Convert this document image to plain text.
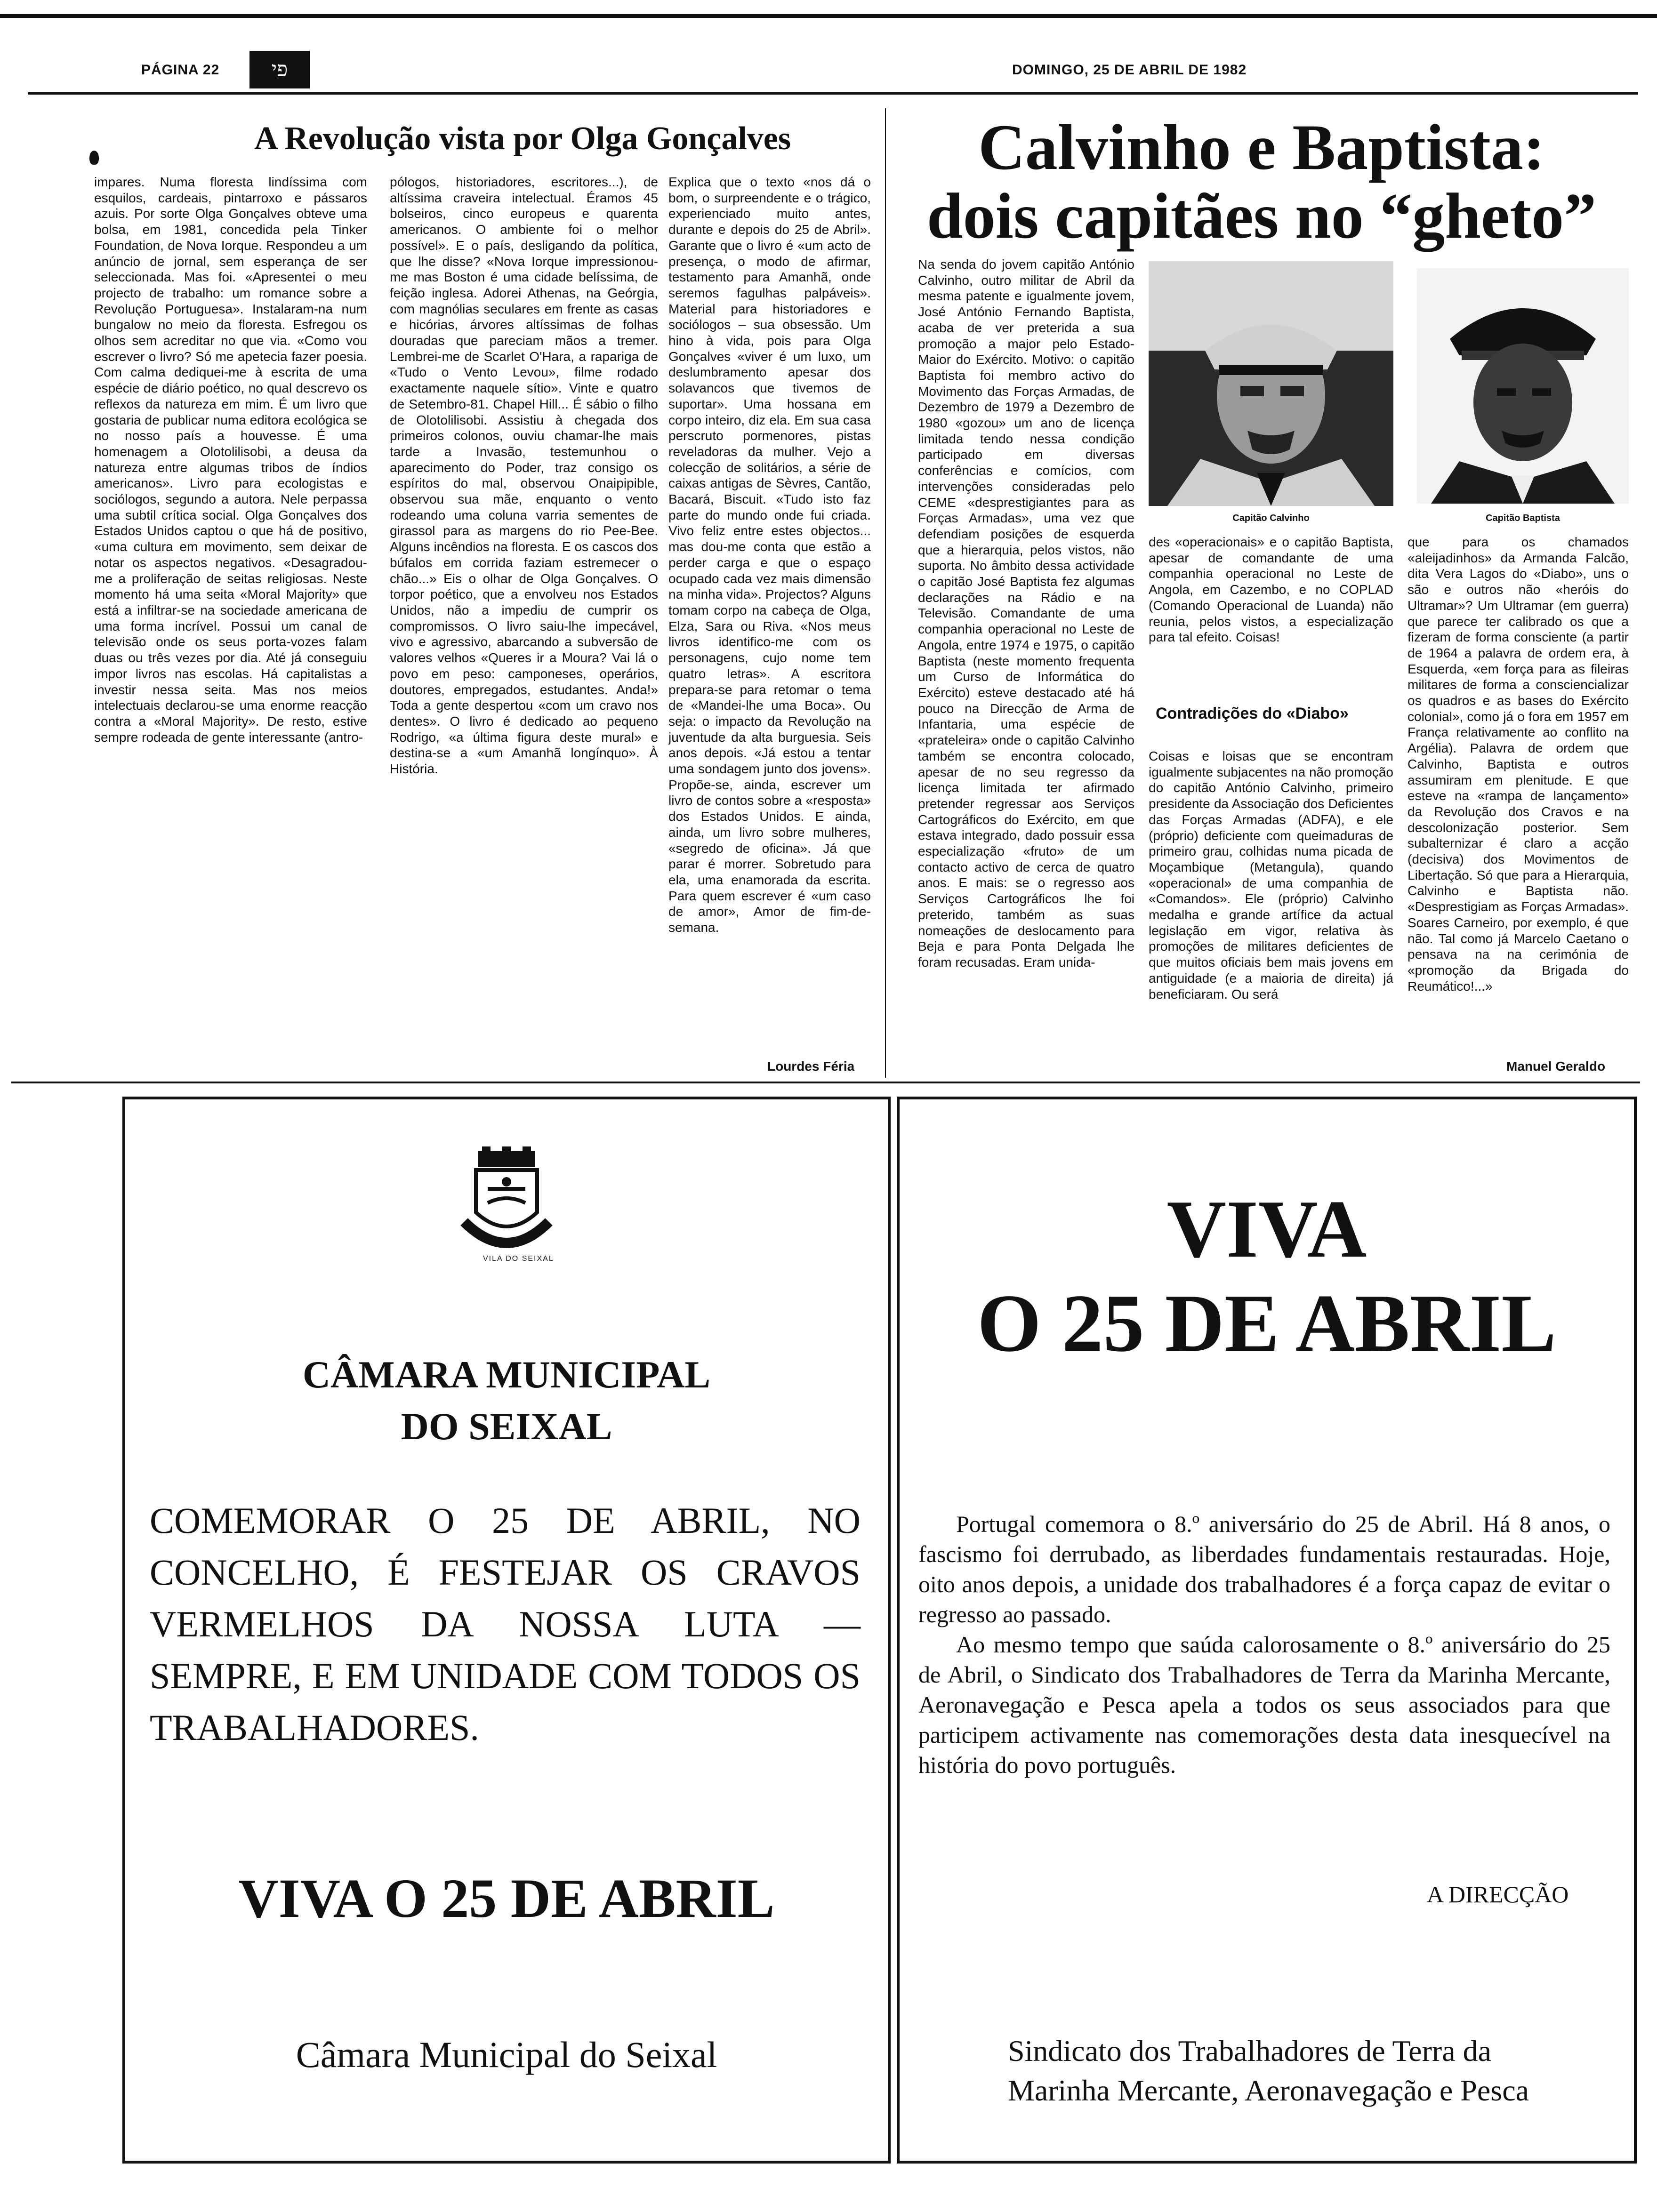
PÁGINA 22	פי	DOMINGO, 25 DE ABRIL DE 1982
A Revolução vista por Olga Gonçalves

impares. Numa floresta lindíssima com esquilos, cardeais, pintarroxo e pássaros azuis. Por sorte Olga Gonçalves obteve uma bolsa, em 1981, concedida pela Tinker Foundation, de Nova Iorque. Respondeu a um anúncio de jornal, sem esperança de ser seleccionada. Mas foi. «Apresentei o meu projecto de trabalho: um romance sobre a Revolução Portuguesa». Instalaram-na num bungalow no meio da floresta. Esfregou os olhos sem acreditar no que via. «Como vou escrever o livro? Só me apetecia fazer poesia. Com calma dediquei-me à escrita de uma espécie de diário poético, no qual descrevo os reflexos da natureza em mim. É um livro que gostaria de publicar numa editora ecológica se no nosso país a houvesse. É uma homenagem a Olotolilisobi, a deusa da natureza entre algumas tribos de índios americanos». Livro para ecologistas e sociólogos, segundo a autora. Nele perpassa uma subtil crítica social. Olga Gonçalves dos Estados Unidos captou o que há de positivo, «uma cultura em movimento, sem deixar de notar os aspectos negativos. «Desagradou-me a proliferação de seitas religiosas. Neste momento há uma seita «Moral Majority» que está a infiltrar-se na sociedade americana de uma forma incrível. Possui um canal de televisão onde os seus porta-vozes falam duas ou três vezes por dia. Até já conseguiu impor livros nas escolas. Há capitalistas a investir nessa seita. Mas nos meios intelectuais declarou-se uma enorme reacção contra a «Moral Majority». De resto, estive sempre rodeada de gente interessante (antro-

pólogos, historiadores, escritores...), de altíssima craveira intelectual. Éramos 45 bolseiros, cinco europeus e quarenta americanos. O ambiente foi o melhor possível». E o país, desligando da política, que lhe disse? «Nova Iorque impressionou-me mas Boston é uma cidade belíssima, de feição inglesa. Adorei Athenas, na Geórgia, com magnólias seculares em frente as casas e hicórias, árvores altíssimas de folhas douradas que pareciam mãos a tremer. Lembrei-me de Scarlet O'Hara, a rapariga de «Tudo o Vento Levou», filme rodado exactamente naquele sítio». Vinte e quatro de Setembro-81. Chapel Hill... É sábio o filho de Olotolilisobi. Assistiu à chegada dos primeiros colonos, ouviu chamar-lhe mais tarde a Invasão, testemunhou o aparecimento do Poder, traz consigo os espíritos do mal, observou Onaipipible, observou sua mãe, enquanto o vento rodeando uma coluna varria sementes de girassol para as margens do rio Pee-Bee. Alguns incêndios na floresta. E os cascos dos búfalos em corrida faziam estremecer o chão...» Eis o olhar de Olga Gonçalves. O torpor poético, que a envolveu nos Estados Unidos, não a impediu de cumprir os compromissos. O livro saiu-lhe impecável, vivo e agressivo, abarcando a subversão de valores velhos «Queres ir a Moura? Vai lá o povo em peso: camponeses, operários, doutores, empregados, estudantes. Anda!» Toda a gente despertou «com um cravo nos dentes». O livro é dedicado ao pequeno Rodrigo, «a última figura deste mural» e destina-se a «um Amanhã longínquo». À História.

Explica que o texto «nos dá o bom, o surpreendente e o trágico, experienciado muito antes, durante e depois do 25 de Abril». Garante que o livro é «um acto de presença, o modo de afirmar, testamento para Amanhã, onde seremos fagulhas palpáveis». Material para historiadores e sociólogos – sua obsessão. Um hino à vida, pois para Olga Gonçalves «viver é um luxo, um deslumbramento apesar dos solavancos que tivemos de suportar». Uma hossana em corpo inteiro, diz ela. Em sua casa perscruto pormenores, pistas reveladoras da mulher. Vejo a colecção de solitários, a série de caixas antigas de Sèvres, Cantão, Bacará, Biscuit. «Tudo isto faz parte do mundo onde fui criada. Vivo feliz entre estes objectos... mas dou-me conta que estão a perder carga e que o espaço ocupado cada vez mais dimensão na minha vida». Projectos? Alguns tomam corpo na cabeça de Olga, Elza, Sara ou Riva. «Nos meus livros identifico-me com os personagens, cujo nome tem quatro letras». A escritora prepara-se para retomar o tema de «Mandei-lhe uma Boca». Ou seja: o impacto da Revolução na juventude da alta burguesia. Seis anos depois. «Já estou a tentar uma sondagem junto dos jovens». Propõe-se, ainda, escrever um livro de contos sobre a «resposta» dos Estados Unidos. E ainda, ainda, um livro sobre mulheres, «segredo de oficina». Já que parar é morrer. Sobretudo para ela, uma enamorada da escrita. Para quem escrever é «um caso de amor», Amor de fim-de-semana.

Lourdes Féria
Calvinho e Baptista:
dois capitães no “gheto”

Na senda do jovem capitão António Calvinho, outro militar de Abril da mesma patente e igualmente jovem, José António Fernando Baptista, acaba de ver preterida a sua promoção a major pelo Estado-Maior do Exército. Motivo: o capitão Baptista foi membro activo do Movimento das Forças Armadas, de Dezembro de 1979 a Dezembro de 1980 «gozou» um ano de licença limitada tendo nessa condição participado em diversas conferências e comícios, com intervenções consideradas pelo CEME «desprestigiantes para as Forças Armadas», uma vez que defendiam posições de esquerda que a hierarquia, pelos vistos, não suporta. No âmbito dessa actividade o capitão José Baptista fez algumas declarações na Rádio e na Televisão. Comandante de uma companhia operacional no Leste de Angola, entre 1974 e 1975, o capitão Baptista (neste momento frequenta um Curso de Informática do Exército) esteve destacado até há pouco na Direcção de Arma de Infantaria, uma espécie de «prateleira» onde o capitão Calvinho também se encontra colocado, apesar de no seu regresso da licença limitada ter afirmado pretender regressar aos Serviços Cartográficos do Exército, em que estava integrado, dado possuir essa especialização «fruto» de um contacto activo de cerca de quatro anos. E mais: se o regresso aos Serviços Cartográficos lhe foi preterido, também as suas nomeações de deslocamento para Beja e para Ponta Delgada lhe foram recusadas. Eram unida-

Capitão Calvinho	Capitão Baptista

des «operacionais» e o capitão Baptista, apesar de comandante de uma companhia operacional no Leste de Angola, em Cazembo, e no COPLAD (Comando Operacional de Luanda) não reunia, pelos vistos, a especialização para tal efeito. Coisas!

Contradições do «Diabo»

Coisas e loisas que se encontram igualmente subjacentes na não promoção do capitão António Calvinho, primeiro presidente da Associação dos Deficientes das Forças Armadas (ADFA), e ele (próprio) deficiente com queimaduras de primeiro grau, colhidas numa picada de Moçambique (Metangula), quando «operacional» de uma companhia de «Comandos». Ele (próprio) Calvinho medalha e grande artífice da actual legislação em vigor, relativa às promoções de militares deficientes de que muitos oficiais bem mais jovens em antiguidade (e a maioria de direita) já beneficiaram. Ou será

que para os chamados «aleijadinhos» da Armanda Falcão, dita Vera Lagos do «Diabo», uns o são e outros não «heróis do Ultramar»? Um Ultramar (em guerra) que parece ter calibrado os que a fizeram de forma consciente (a partir de 1964 a palavra de ordem era, à Esquerda, «em força para as fileiras militares de forma a consciencializar os quadros e as bases do Exército colonial», como já o fora em 1957 em França relativamente ao conflito na Argélia). Palavra de ordem que Calvinho, Baptista e outros assumiram em plenitude. E que esteve na «rampa de lançamento» da Revolução dos Cravos e na descolonização posterior. Sem subalternizar é claro a acção (decisiva) dos Movimentos de Libertação. Só que para a Hierarquia, Calvinho e Baptista não. «Desprestigiam as Forças Armadas». Soares Carneiro, por exemplo, é que não. Tal como já Marcelo Caetano o pensava na na cerimónia de «promoção da Brigada do Reumático!...»

Manuel Geraldo
VILA DO SEIXAL
CÂMARA MUNICIPAL
DO SEIXAL
COMEMORAR O 25 DE ABRIL, NO CONCELHO, É FESTEJAR OS CRAVOS VERMELHOS DA NOSSA LUTA — SEMPRE, E EM UNIDADE COM TODOS OS TRABALHADORES.
VIVA O 25 DE ABRIL
Câmara Municipal do Seixal
VIVA
O 25 DE ABRIL

Portugal comemora o 8.º aniversário do 25 de Abril. Há 8 anos, o fascismo foi derrubado, as liberdades fundamentais restauradas. Hoje, oito anos depois, a unidade dos trabalhadores é a força capaz de evitar o regresso ao passado.

Ao mesmo tempo que saúda calorosamente o 8.º aniversário do 25 de Abril, o Sindicato dos Trabalhadores de Terra da Marinha Mercante, Aeronavegação e Pesca apela a todos os seus associados para que participem activamente nas comemorações desta data inesquecível na história do povo português.

A DIRECÇÃO
Sindicato dos Trabalhadores de Terra da
Marinha Mercante, Aeronavegação e Pesca
